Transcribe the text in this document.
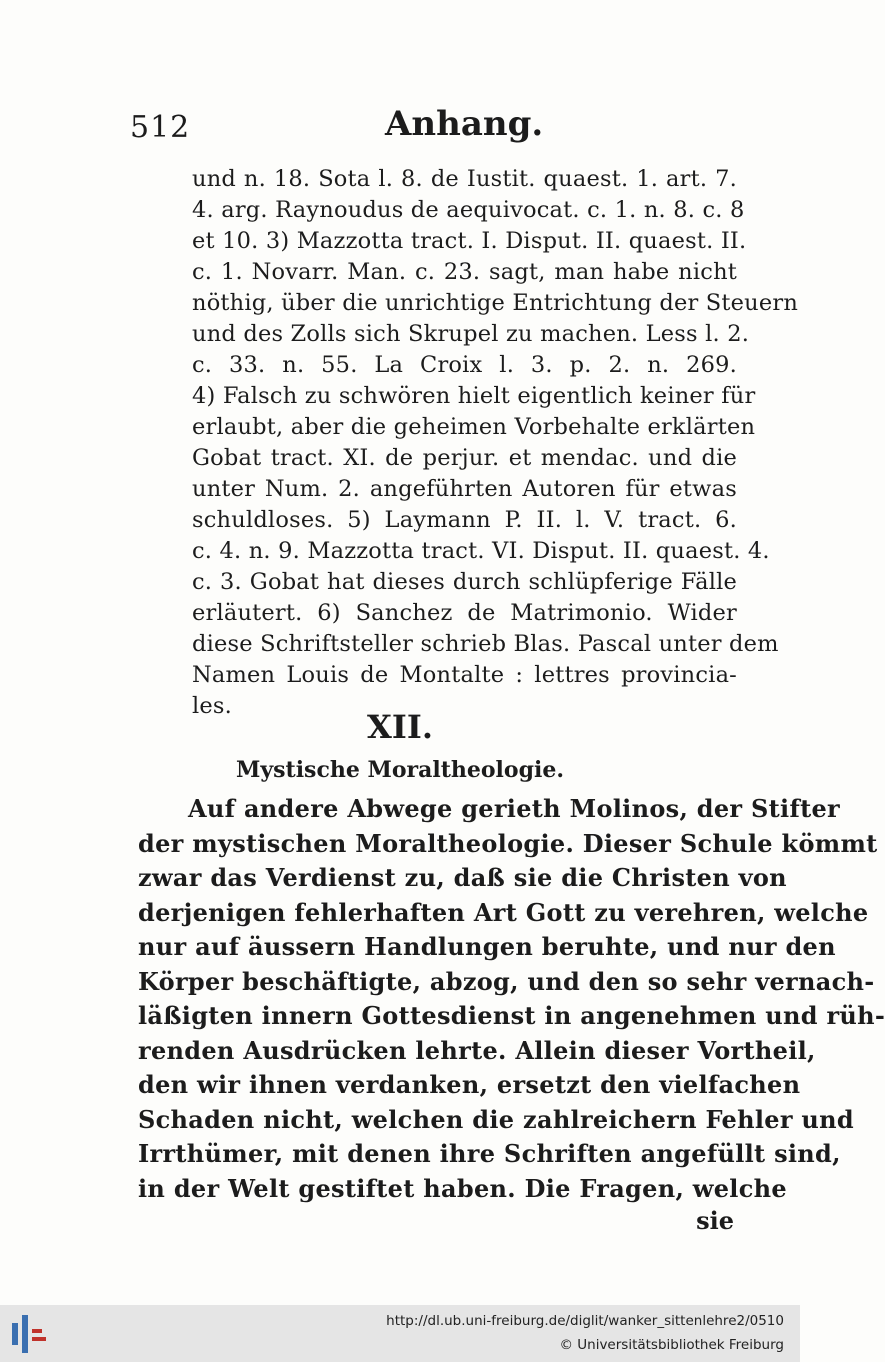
512	Anhang.
und n. 18. Sota l. 8. de Iustit. quaest. 1. art. 7.
4. arg. Raynoudus de aequivocat. c. 1. n. 8. c. 8
et 10. 3) Mazzotta tract. I. Disput. II. quaest. II.
c. 1. Novarr. Man. c. 23. sagt, man habe nicht
nöthig, über die unrichtige Entrichtung der Steuern
und des Zolls sich Skrupel zu machen. Less l. 2.
c. 33. n. 55. La Croix l. 3. p. 2. n. 269.
4) Falsch zu schwören hielt eigentlich keiner für
erlaubt, aber die geheimen Vorbehalte erklärten
Gobat tract. XI. de perjur. et mendac. und die
unter Num. 2. angeführten Autoren für etwas
schuldloses. 5) Laymann P. II. l. V. tract. 6.
c. 4. n. 9. Mazzotta tract. VI. Disput. II. quaest. 4.
c. 3. Gobat hat dieses durch schlüpferige Fälle
erläutert. 6) Sanchez de Matrimonio. Wider
diese Schriftsteller schrieb Blas. Pascal unter dem
Namen Louis de Montalte : lettres provincia-
les.
XII.
Mystische Moraltheologie.
Auf andere Abwege gerieth Molinos, der Stifter
der mystischen Moraltheologie. Dieser Schule kömmt
zwar das Verdienst zu, daß sie die Christen von
derjenigen fehlerhaften Art Gott zu verehren, welche
nur auf äussern Handlungen beruhte, und nur den
Körper beschäftigte, abzog, und den so sehr vernach-
läßigten innern Gottesdienst in angenehmen und rüh-
renden Ausdrücken lehrte. Allein dieser Vortheil,
den wir ihnen verdanken, ersetzt den vielfachen
Schaden nicht, welchen die zahlreichern Fehler und
Irrthümer, mit denen ihre Schriften angefüllt sind,
in der Welt gestiftet haben. Die Fragen, welche
sie
http://dl.ub.uni-freiburg.de/diglit/wanker_sittenlehre2/0510
© Universitätsbibliothek Freiburg
